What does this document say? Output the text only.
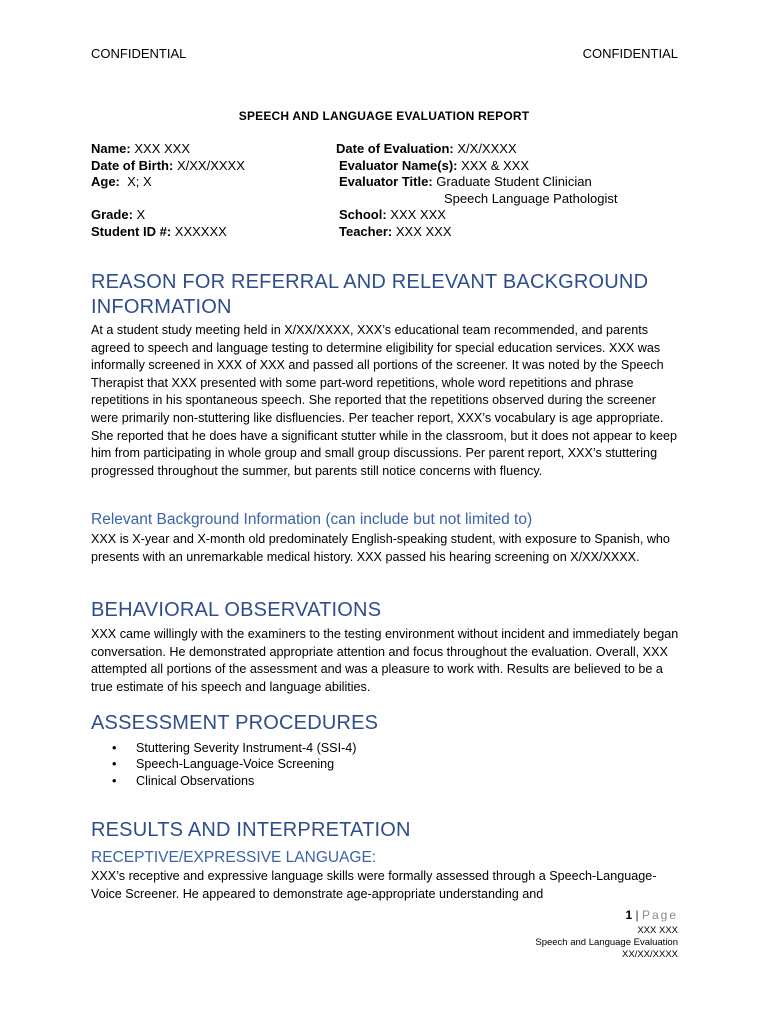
CONFIDENTIAL	CONFIDENTIAL
SPEECH AND LANGUAGE EVALUATION REPORT
Name: XXX XXX
Date of Birth: X/XX/XXXX
Age:  X; X
Grade: X
Student ID #: XXXXXX
Date of Evaluation: X/X/XXXX
Evaluator Name(s): XXX & XXX
Evaluator Title: Graduate Student Clinician
Speech Language Pathologist
School: XXX XXX
Teacher: XXX XXX
REASON FOR REFERRAL AND RELEVANT BACKGROUND INFORMATION
At a student study meeting held in X/XX/XXXX, XXX’s educational team recommended, and parents agreed to speech and language testing to determine eligibility for special education services. XXX was informally screened in XXX of XXX and passed all portions of the screener. It was noted by the Speech Therapist that XXX presented with some part-word repetitions, whole word repetitions and phrase repetitions in his spontaneous speech. She reported that the repetitions observed during the screener were primarily non-stuttering like disfluencies. Per teacher report, XXX’s vocabulary is age appropriate. She reported that he does have a significant stutter while in the classroom, but it does not appear to keep him from participating in whole group and small group discussions. Per parent report, XXX’s stuttering progressed throughout the summer, but parents still notice concerns with fluency.
Relevant Background Information (can include but not limited to)
XXX is X-year and X-month old predominately English-speaking student, with exposure to Spanish, who presents with an unremarkable medical history. XXX passed his hearing screening on X/XX/XXXX.
BEHAVIORAL OBSERVATIONS
XXX came willingly with the examiners to the testing environment without incident and immediately began conversation. He demonstrated appropriate attention and focus throughout the evaluation. Overall, XXX attempted all portions of the assessment and was a pleasure to work with. Results are believed to be a true estimate of his speech and language abilities.
ASSESSMENT PROCEDURES
• Stuttering Severity Instrument-4 (SSI-4)
• Speech-Language-Voice Screening
• Clinical Observations
RESULTS AND INTERPRETATION
RECEPTIVE/EXPRESSIVE LANGUAGE:
XXX’s receptive and expressive language skills were formally assessed through a Speech-Language-Voice Screener. He appeared to demonstrate age-appropriate understanding and
1 | Page
XXX XXX
Speech and Language Evaluation
XX/XX/XXXX
